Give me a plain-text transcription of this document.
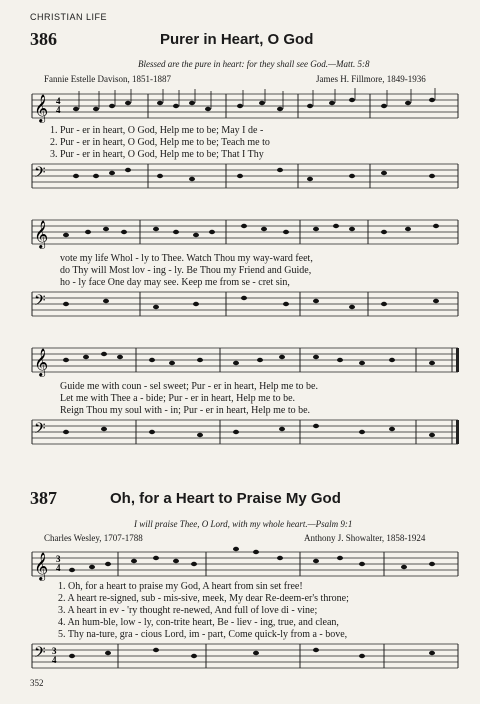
CHRISTIAN LIFE
386	Purer in Heart, O God
Blessed are the pure in heart: for they shall see God.—Matt. 5:8
Fannie Estelle Davison, 1851-1887	James H. Fillmore, 1849-1936
𝄞 4
4
1. Pur - er in heart, O God, Help me to be; May I de -
2. Pur - er in heart, O God, Help me to be; Teach me to
3. Pur - er in heart, O God, Help me to be; That I Thy
𝄢
𝄞
vote my life Whol - ly to Thee. Watch Thou my way-ward feet,
do Thy will Most lov - ing - ly. Be Thou my Friend and Guide,
ho - ly face One day may see. Keep me from se - cret sin,
𝄢
𝄞
Guide me with coun - sel sweet; Pur - er in heart, Help me to be.
Let me with Thee a - bide; Pur - er in heart, Help me to be.
Reign Thou my soul with - in; Pur - er in heart, Help me to be.
𝄢
387	Oh, for a Heart to Praise My God
I will praise Thee, O Lord, with my whole heart.—Psalm 9:1
Charles Wesley, 1707-1788	Anthony J. Showalter, 1858-1924
𝄞 3
4
1. Oh, for a heart to praise my God, A heart from sin set free!
2. A heart re-signed, sub - mis-sive, meek, My dear Re-deem-er's throne;
3. A heart in ev - 'ry thought re-newed, And full of love di - vine;
4. An hum-ble, low - ly, con-trite heart, Be - liev - ing, true, and clean,
5. Thy na-ture, gra - cious Lord, im - part, Come quick-ly from a - bove,
𝄢 3
4
352
